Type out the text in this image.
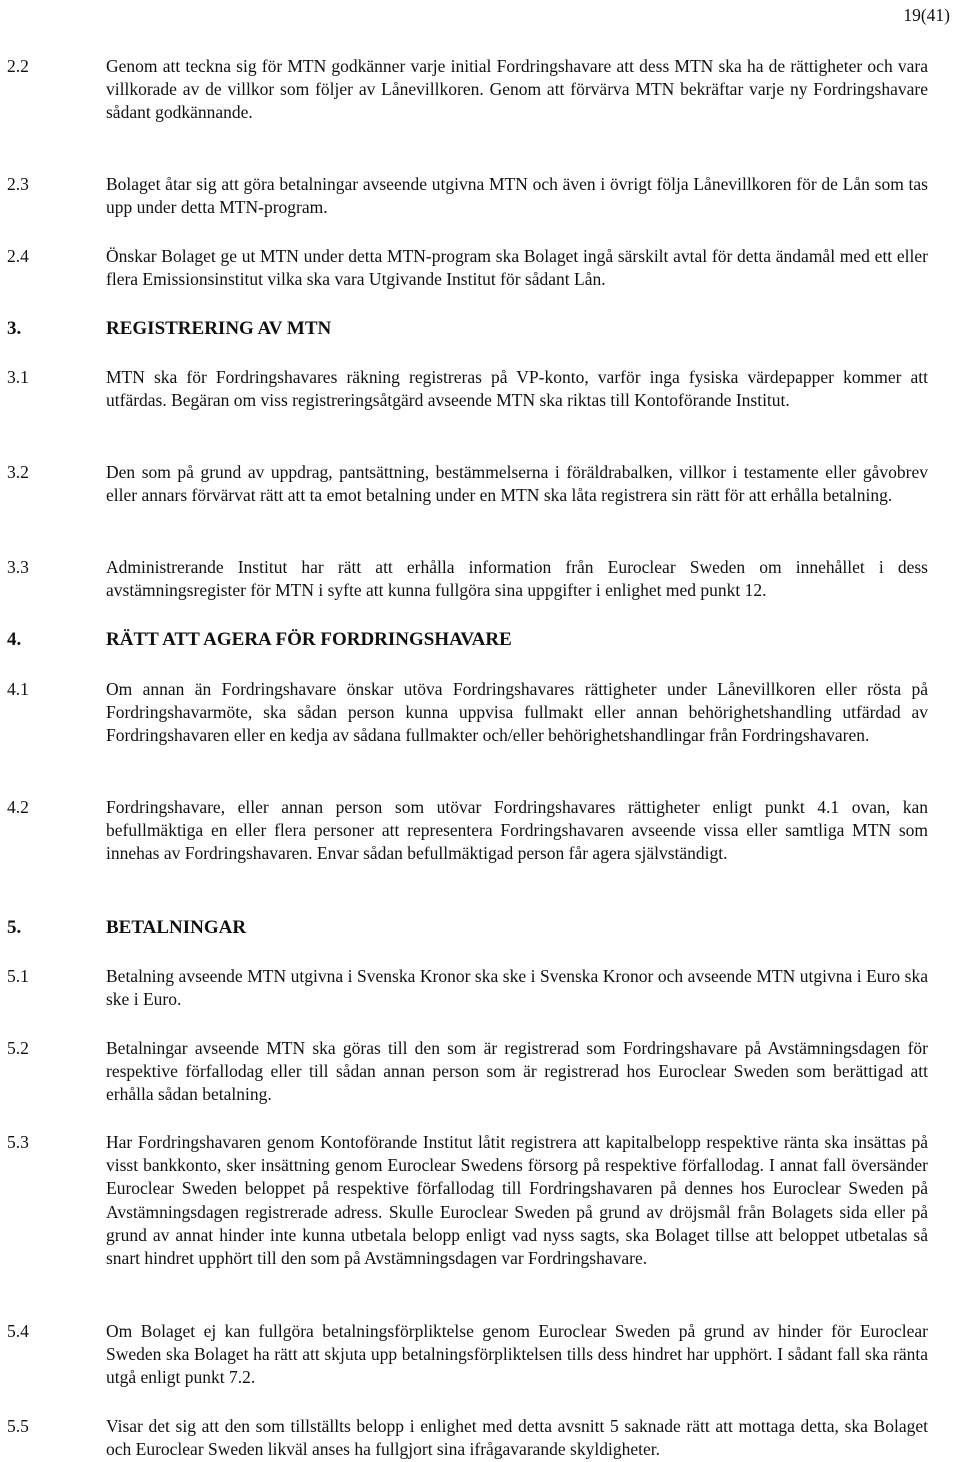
19(41)
2.2	Genom att teckna sig för MTN godkänner varje initial Fordringshavare att dess MTN ska ha de rättigheter och vara villkorade av de villkor som följer av Lånevillkoren. Genom att förvärva MTN bekräftar varje ny Fordringshavare sådant godkännande.
2.3	Bolaget åtar sig att göra betalningar avseende utgivna MTN och även i övrigt följa Lånevillkoren för de Lån som tas upp under detta MTN-program.
2.4	Önskar Bolaget ge ut MTN under detta MTN-program ska Bolaget ingå särskilt avtal för detta ändamål med ett eller flera Emissionsinstitut vilka ska vara Utgivande Institut för sådant Lån.
3.	REGISTRERING AV MTN
3.1	MTN ska för Fordringshavares räkning registreras på VP-konto, varför inga fysiska värdepapper kommer att utfärdas. Begäran om viss registreringsåtgärd avseende MTN ska riktas till Kontoförande Institut.
3.2	Den som på grund av uppdrag, pantsättning, bestämmelserna i föräldrabalken, villkor i testamente eller gåvobrev eller annars förvärvat rätt att ta emot betalning under en MTN ska låta registrera sin rätt för att erhålla betalning.
3.3	Administrerande Institut har rätt att erhålla information från Euroclear Sweden om innehållet i dess avstämningsregister för MTN i syfte att kunna fullgöra sina uppgifter i enlighet med punkt 12.
4.	RÄTT ATT AGERA FÖR FORDRINGSHAVARE
4.1	Om annan än Fordringshavare önskar utöva Fordringshavares rättigheter under Lånevillkoren eller rösta på Fordringshavarmöte, ska sådan person kunna uppvisa fullmakt eller annan behörighetshandling utfärdad av Fordringshavaren eller en kedja av sådana fullmakter och/eller behörighetshandlingar från Fordringshavaren.
4.2	Fordringshavare, eller annan person som utövar Fordringshavares rättigheter enligt punkt 4.1 ovan, kan befullmäktiga en eller flera personer att representera Fordringshavaren avseende vissa eller samtliga MTN som innehas av Fordringshavaren. Envar sådan befullmäktigad person får agera självständigt.
5.	BETALNINGAR
5.1	Betalning avseende MTN utgivna i Svenska Kronor ska ske i Svenska Kronor och avseende MTN utgivna i Euro ska ske i Euro.
5.2	Betalningar avseende MTN ska göras till den som är registrerad som Fordringshavare på Avstämningsdagen för respektive förfallodag eller till sådan annan person som är registrerad hos Euroclear Sweden som berättigad att erhålla sådan betalning.
5.3	Har Fordringshavaren genom Kontoförande Institut låtit registrera att kapitalbelopp respektive ränta ska insättas på visst bankkonto, sker insättning genom Euroclear Swedens försorg på respektive förfallodag. I annat fall översänder Euroclear Sweden beloppet på respektive förfallodag till Fordringshavaren på dennes hos Euroclear Sweden på Avstämningsdagen registrerade adress. Skulle Euroclear Sweden på grund av dröjsmål från Bolagets sida eller på grund av annat hinder inte kunna utbetala belopp enligt vad nyss sagts, ska Bolaget tillse att beloppet utbetalas så snart hindret upphört till den som på Avstämningsdagen var Fordringshavare.
5.4	Om Bolaget ej kan fullgöra betalningsförpliktelse genom Euroclear Sweden på grund av hinder för Euroclear Sweden ska Bolaget ha rätt att skjuta upp betalningsförpliktelsen tills dess hindret har upphört. I sådant fall ska ränta utgå enligt punkt 7.2.
5.5	Visar det sig att den som tillställts belopp i enlighet med detta avsnitt 5 saknade rätt att mottaga detta, ska Bolaget och Euroclear Sweden likväl anses ha fullgjort sina ifrågavarande skyldigheter.
